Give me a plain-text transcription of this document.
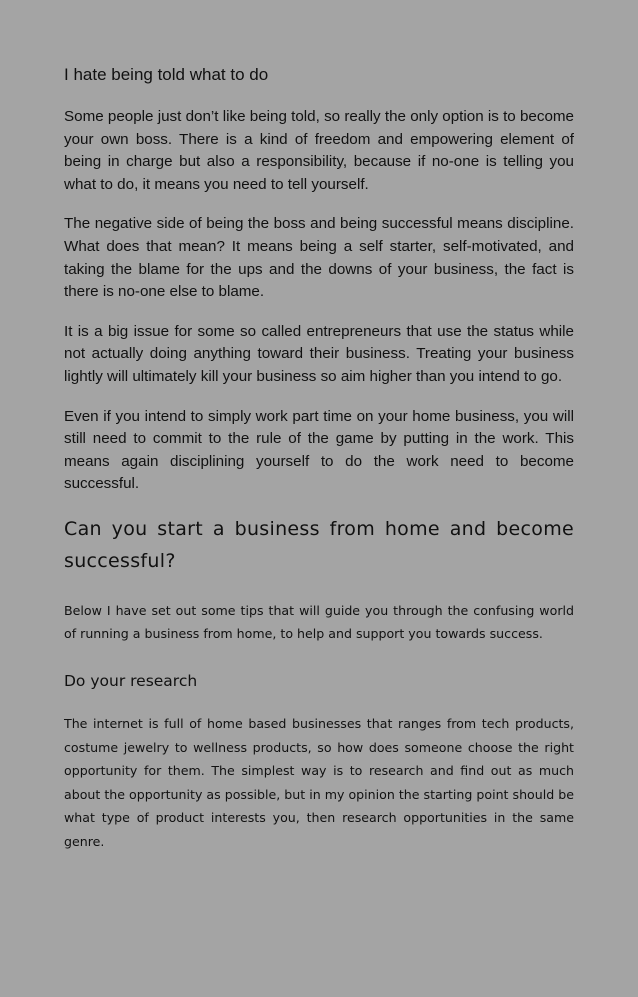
I hate being told what to do

Some people just don’t like being told, so really the only option is to become your own boss. There is a kind of freedom and empowering element of being in charge but also a responsibility, because if no-one is telling you what to do, it means you need to tell yourself.

The negative side of being the boss and being successful means discipline. What does that mean? It means being a self starter, self-motivated, and taking the blame for the ups and the downs of your business, the fact is there is no-one else to blame.

It is a big issue for some so called entrepreneurs that use the status while not actually doing anything toward their business. Treating your business lightly will ultimately kill your business so aim higher than you intend to go.

Even if you intend to simply work part time on your home business, you will still need to commit to the rule of the game by putting in the work. This means again disciplining yourself to do the work need to become successful.

Can you start a business from home and become successful?

Below I have set out some tips that will guide you through the confusing world of running a business from home, to help and support you towards success.

Do your research

The internet is full of home based businesses that ranges from tech products, costume jewelry to wellness products, so how does someone choose the right opportunity for them. The simplest way is to research and find out as much about the opportunity as possible, but in my opinion the starting point should be what type of product interests you, then research opportunities in the same genre.
